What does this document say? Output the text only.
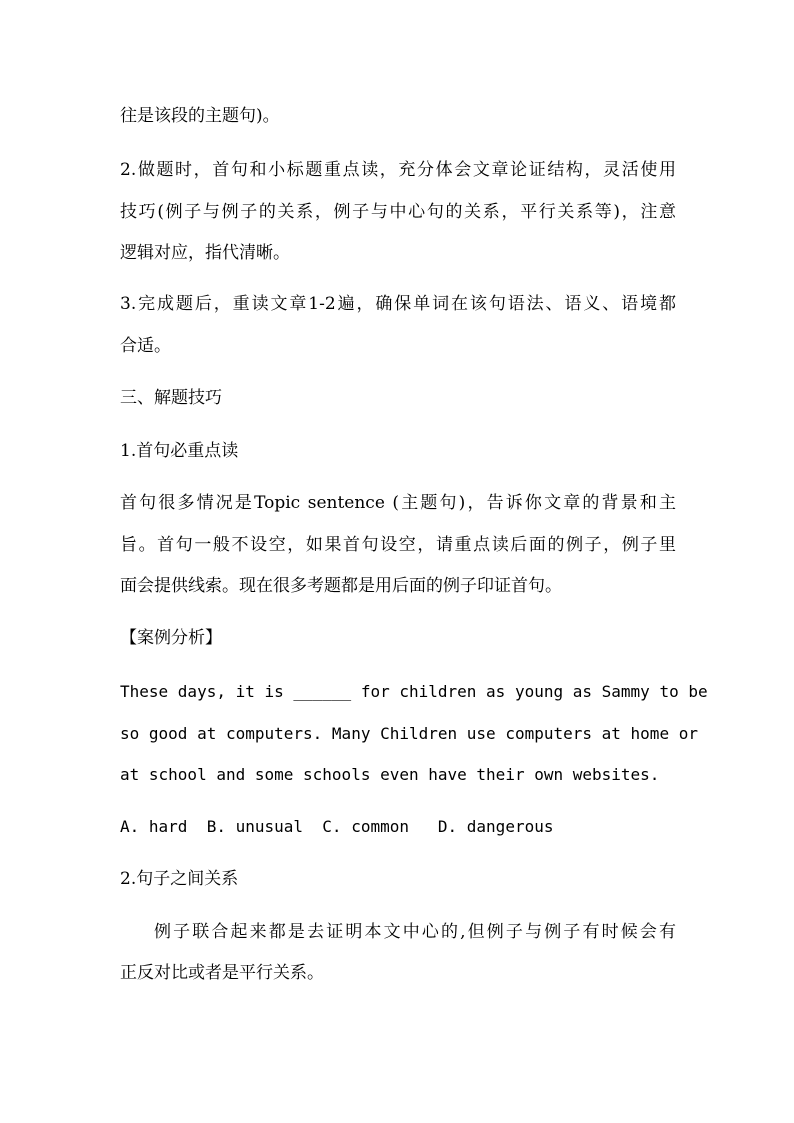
往是该段的主题句)。
2.做题时，首句和小标题重点读，充分体会文章论证结构，灵活使用
技巧(例子与例子的关系，例子与中心句的关系，平行关系等)，注意
逻辑对应，指代清晰。
3.完成题后，重读文章1-2遍，确保单词在该句语法、语义、语境都
合适。
三、解题技巧
1.首句必重点读
首句很多情况是Topic sentence (主题句)，告诉你文章的背景和主
旨。首句一般不设空，如果首句设空，请重点读后面的例子，例子里
面会提供线索。现在很多考题都是用后面的例子印证首句。
【案例分析】
These days, it is ______ for children as young as Sammy to be
so good at computers. Many Children use computers at home or
at school and some schools even have their own websites.
A. hard  B. unusual  C. common   D. dangerous
2.句子之间关系
例子联合起来都是去证明本文中心的,但例子与例子有时候会有
正反对比或者是平行关系。
